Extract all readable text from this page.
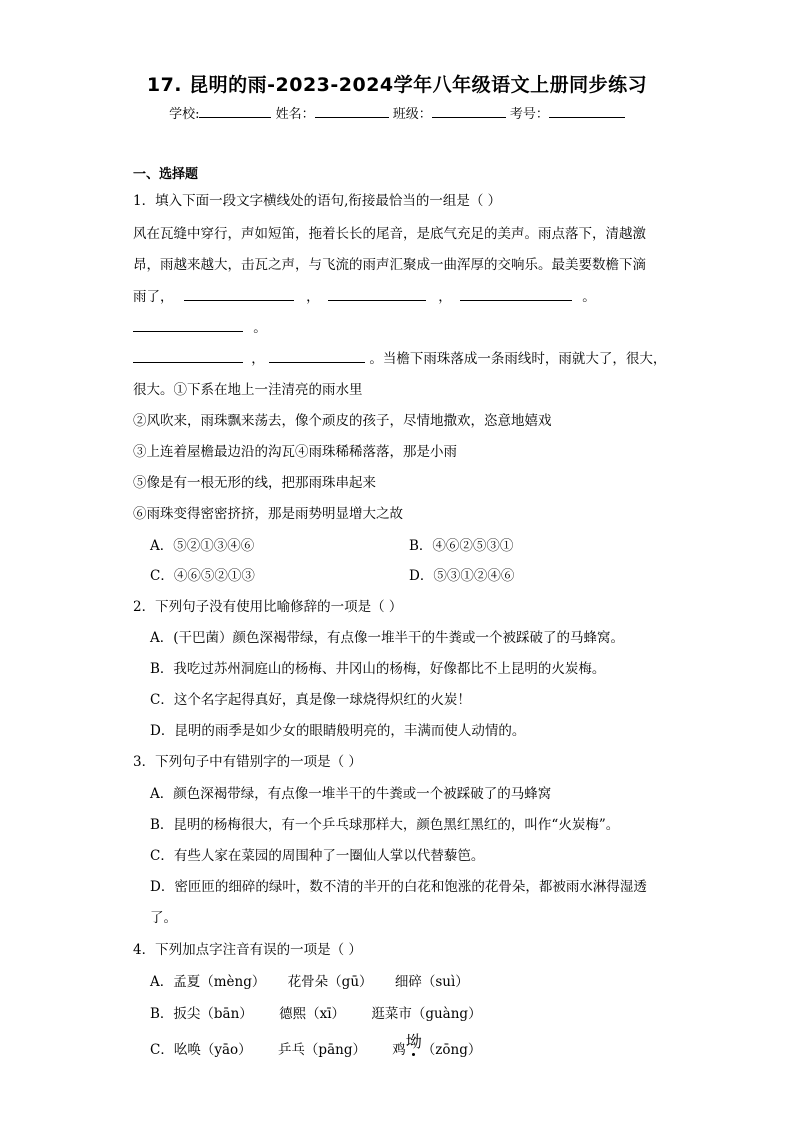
17. 昆明的雨-2023-2024学年八年级语文上册同步练习
学校:	姓名：	班级：	考号：
一、选择题
1．填入下面一段文字横线处的语句,衔接最恰当的一组是（ ）
风在瓦缝中穿行，声如短笛，拖着长长的尾音，是底气充足的美声。雨点落下，清越激
昂，雨越来越大，击瓦之声，与飞流的雨声汇聚成一曲浑厚的交响乐。最美要数檐下滴
雨了，	，	，	。
。
，	。当檐下雨珠落成一条雨线时，雨就大了，很大，
很大。①下系在地上一洼清亮的雨水里
②风吹来，雨珠飘来荡去，像个顽皮的孩子，尽情地撒欢，恣意地嬉戏
③上连着屋檐最边沿的沟瓦④雨珠稀稀落落，那是小雨
⑤像是有一根无形的线，把那雨珠串起来
⑥雨珠变得密密挤挤，那是雨势明显增大之故
A．⑤②①③④⑥	B．④⑥②⑤③①
C．④⑥⑤②①③	D．⑤③①②④⑥
2．下列句子没有使用比喻修辞的一项是（ ）
A．(干巴菌）颜色深褐带绿，有点像一堆半干的牛粪或一个被踩破了的马蜂窝。
B．我吃过苏州洞庭山的杨梅、井冈山的杨梅，好像都比不上昆明的火炭梅。
C．这个名字起得真好，真是像一球烧得炽红的火炭！
D．昆明的雨季是如少女的眼睛般明亮的，丰满而使人动情的。
3．下列句子中有错别字的一项是（ ）
A．颜色深褐带绿，有点像一堆半干的牛粪或一个被踩破了的马蜂窝
B．昆明的杨梅很大，有一个乒乓球那样大，颜色黑红黑红的，叫作“火炭梅”。
C．有些人家在菜园的周围种了一圈仙人掌以代替藜笆。
D．密匝匝的细碎的绿叶，数不清的半开的白花和饱涨的花骨朵，都被雨水淋得湿透
了。
4．下列加点字注音有误的一项是（ ）
A．孟夏（mèng） 花骨朵（gū） 细碎（suì）
B．扳尖（bān） 德熙（xī） 逛菜市（guàng）
C．吆唤（yāo） 乒乓（pāng） 鸡坳（zōng）
